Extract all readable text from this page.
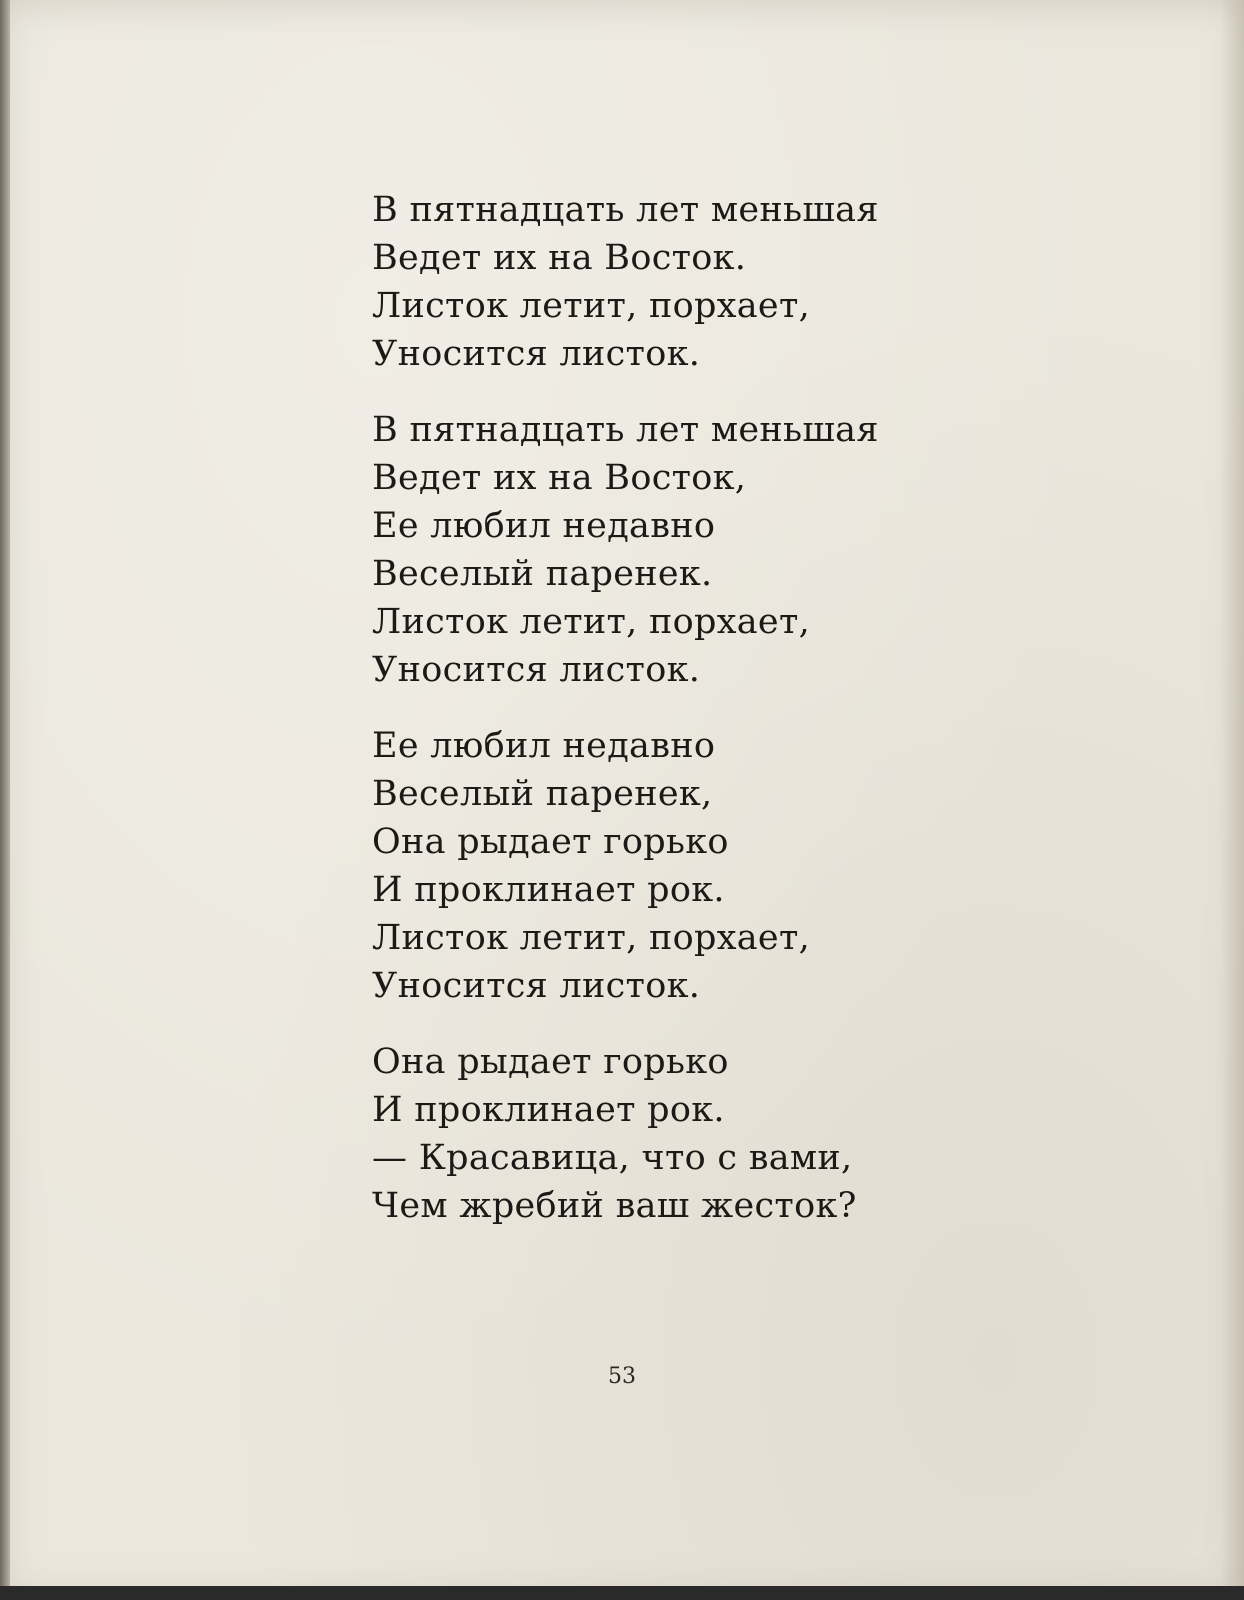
В пятнадцать лет меньшая
Ведет их на Восток.
Листок летит, порхает,
Уносится листок.
В пятнадцать лет меньшая
Ведет их на Восток,
Ее любил недавно
Веселый паренек.
Листок летит, порхает,
Уносится листок.
Ее любил недавно
Веселый паренек,
Она рыдает горько
И проклинает рок.
Листок летит, порхает,
Уносится листок.
Она рыдает горько
И проклинает рок.
— Красавица, что с вами,
Чем жребий ваш жесток?
53
